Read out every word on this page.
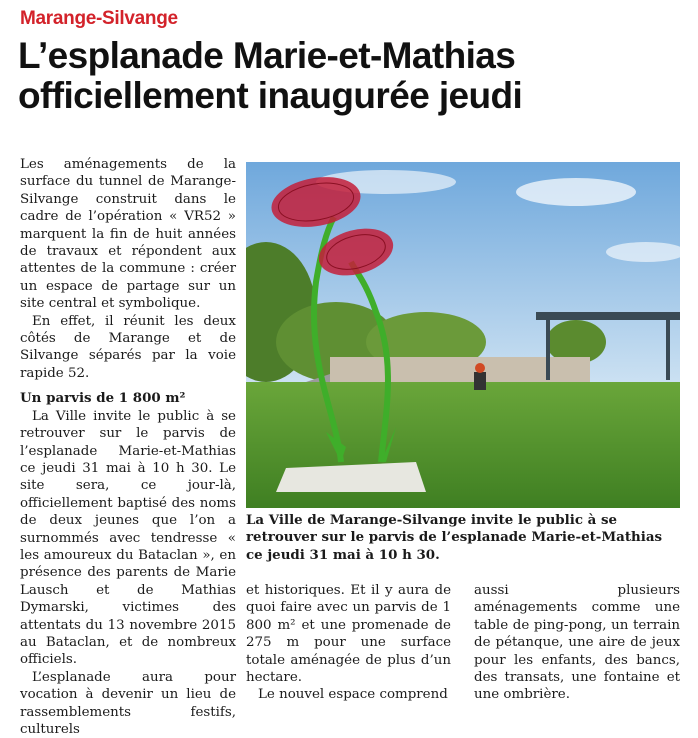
Marange-Silvange
L’esplanade Marie-et-Mathias officiellement inaugurée jeudi

Les aménagements de la surface du tunnel de Marange-Silvange construit dans le cadre de l’opération « VR52 » marquent la fin de huit années de travaux et répondent aux attentes de la commune : créer un espace de partage sur un site central et symbolique.

En effet, il réunit les deux côtés de Marange et de Silvange séparés par la voie rapide 52.

Un parvis de 1 800 m²

La Ville invite le public à se retrouver sur le parvis de l’esplanade Marie-et-Mathias ce jeudi 31 mai à 10 h 30. Le site sera, ce jour-là, officiellement baptisé des noms de deux jeunes que l’on a surnommés avec tendresse « les amoureux du Bataclan », en présence des parents de Marie Lausch et de Mathias Dymarski, victimes des attentats du 13 novembre 2015 au Bataclan, et de nombreux officiels.

L’esplanade aura pour vocation à devenir un lieu de rassemblements festifs, culturels

La Ville de Marange-Silvange invite le public à se retrouver sur le parvis de l’esplanade Marie-et-Mathias ce jeudi 31 mai à 10 h 30.

et historiques. Et il y aura de quoi faire avec un parvis de 1 800 m² et une promenade de 275 m pour une surface totale aménagée de plus d’un hectare.

Le nouvel espace comprend

aussi plusieurs aménagements comme une table de ping-pong, un terrain de pétanque, une aire de jeux pour les enfants, des bancs, des transats, une fontaine et une ombrière.
